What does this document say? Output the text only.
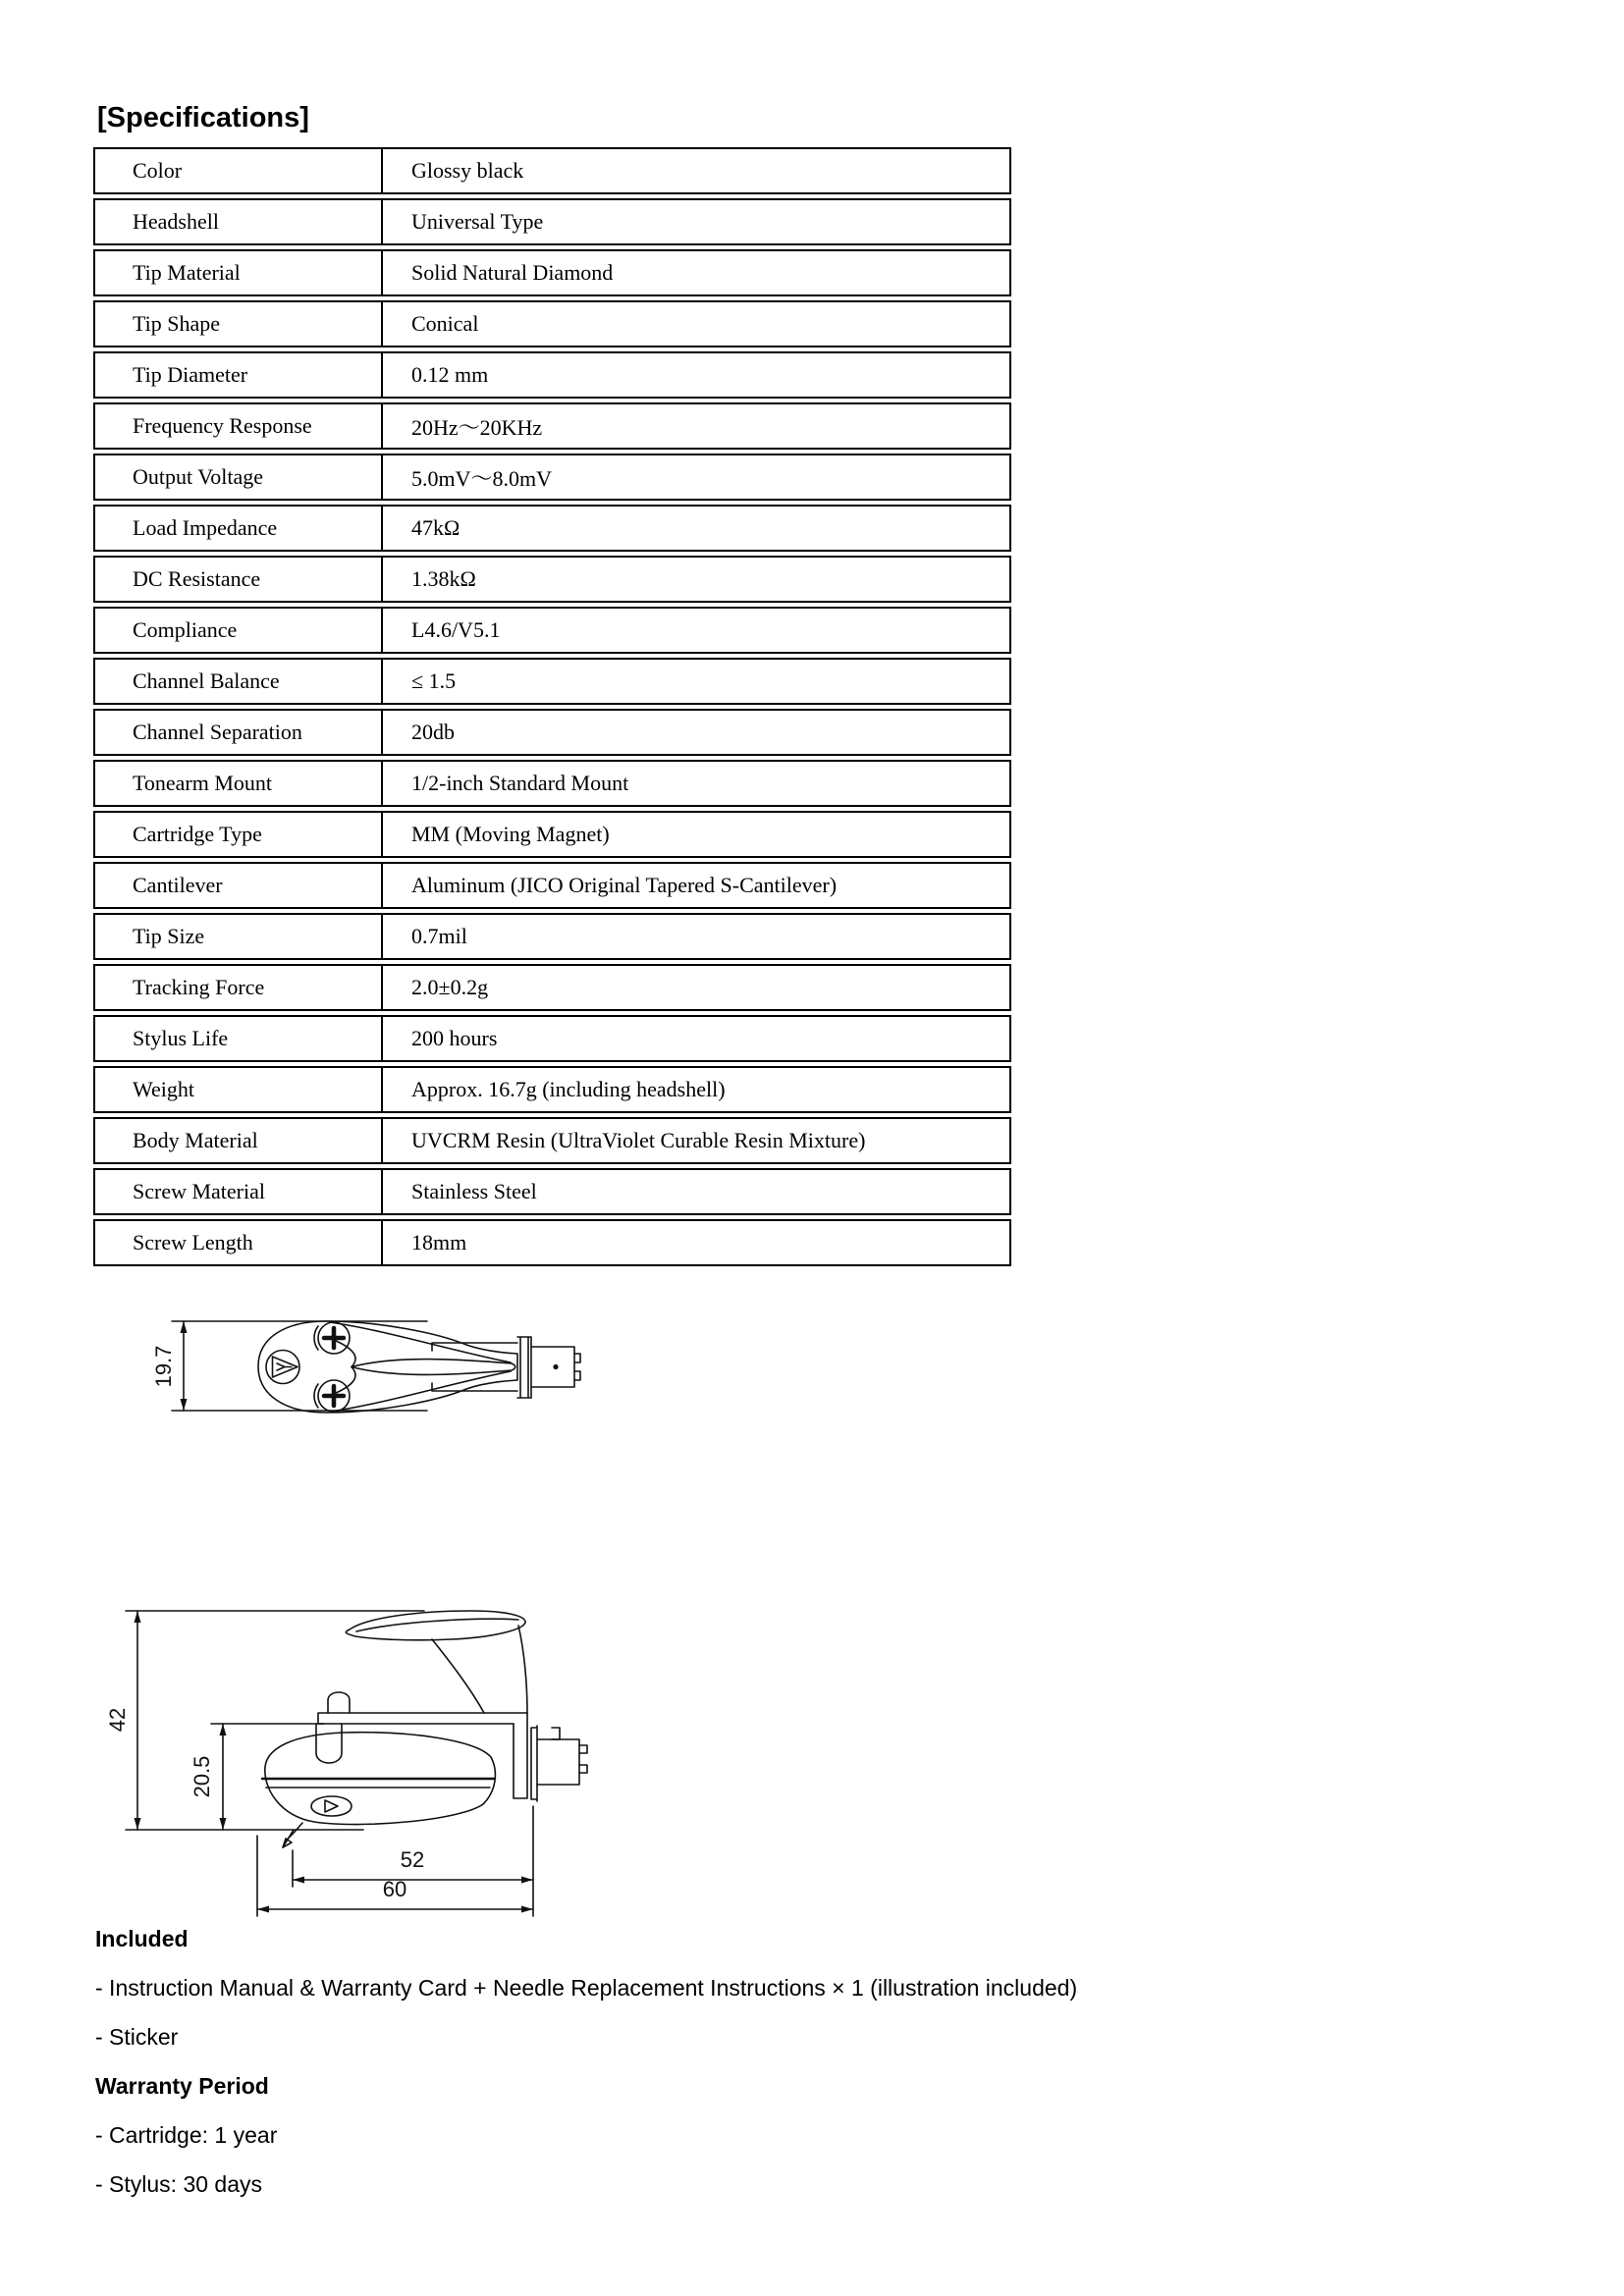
[Specifications]
Color	Glossy black
Headshell	Universal Type
Tip Material	Solid Natural Diamond
Tip Shape	Conical
Tip Diameter	0.12 mm
Frequency Response	20Hz～20KHz
Output Voltage	5.0mV～8.0mV
Load Impedance	47kΩ
DC Resistance	1.38kΩ
Compliance	L4.6/V5.1
Channel Balance	≤ 1.5
Channel Separation	20db
Tonearm Mount	1/2-inch Standard Mount
Cartridge Type	MM (Moving Magnet)
Cantilever	Aluminum (JICO Original Tapered S-Cantilever)
Tip Size	0.7mil
Tracking Force	2.0±0.2g
Stylus Life	200 hours
Weight	Approx. 16.7g (including headshell)
Body Material	UVCRM Resin (UltraViolet Curable Resin Mixture)
Screw Material	Stainless Steel
Screw Length	18mm
19.7
42
20.5
52
60
Included
- Instruction Manual & Warranty Card + Needle Replacement Instructions × 1 (illustration included)
- Sticker
Warranty Period
- Cartridge: 1 year
- Stylus: 30 days
